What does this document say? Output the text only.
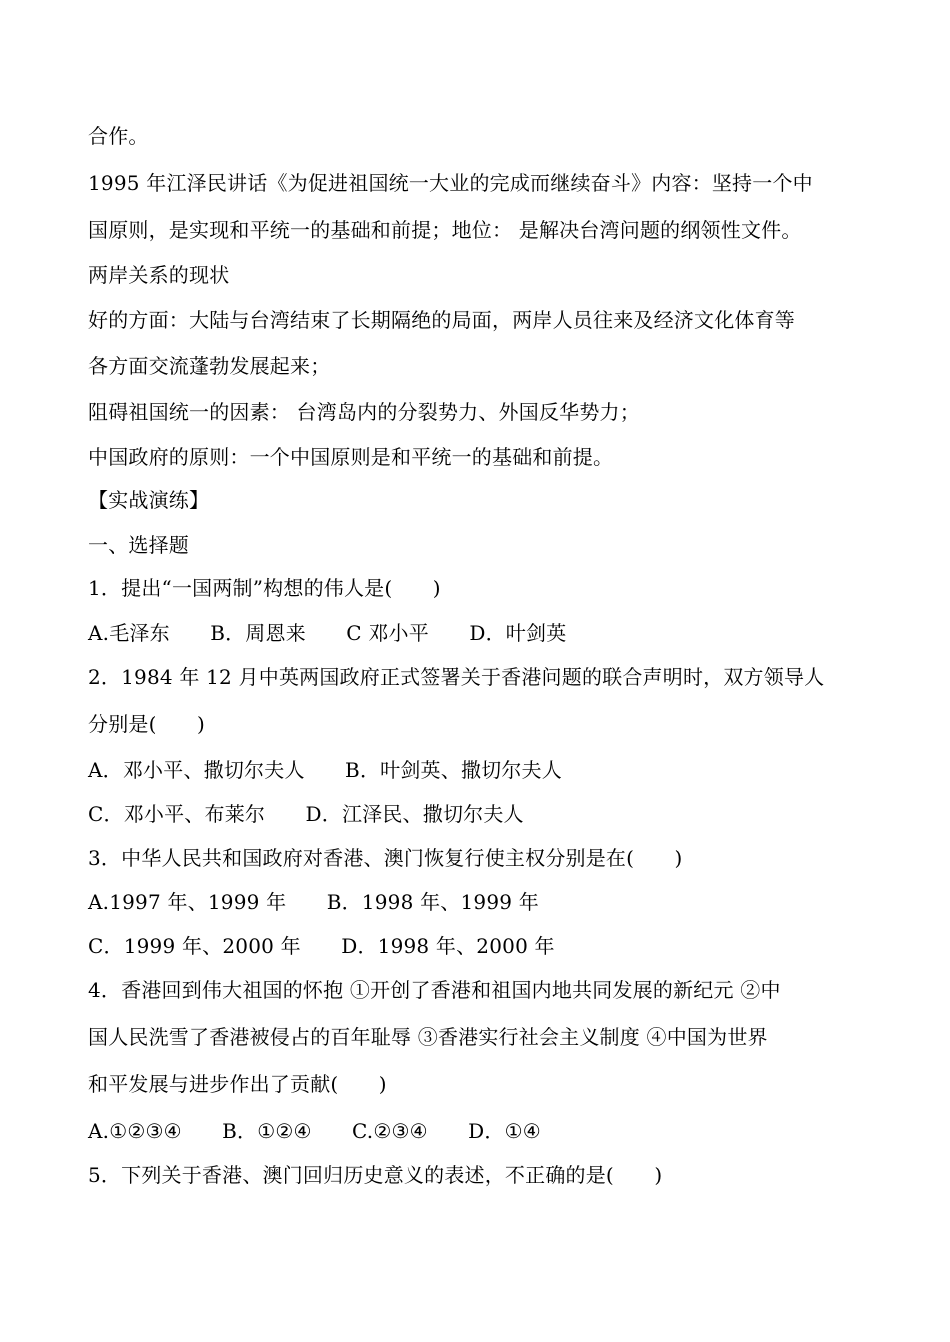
合作。
1995 年江泽民讲话《为促进祖国统一大业的完成而继续奋斗》内容：坚持一个中
国原则，是实现和平统一的基础和前提；地位： 是解决台湾问题的纲领性文件。
两岸关系的现状
好的方面：大陆与台湾结束了长期隔绝的局面，两岸人员往来及经济文化体育等
各方面交流蓬勃发展起来；
阻碍祖国统一的因素： 台湾岛内的分裂势力、外国反华势力；
中国政府的原则：一个中国原则是和平统一的基础和前提。
【实战演练】
一、选择题
1．提出“一国两制”构想的伟人是(　　)
A.毛泽东　　B．周恩来　　C 邓小平　　D．叶剑英
2．1984 年 12 月中英两国政府正式签署关于香港问题的联合声明时，双方领导人
分别是(　　)
A．邓小平、撒切尔夫人　　B．叶剑英、撒切尔夫人
C．邓小平、布莱尔　　D．江泽民、撒切尔夫人
3．中华人民共和国政府对香港、澳门恢复行使主权分别是在(　　)
A.1997 年、1999 年　　B．1998 年、1999 年
C．1999 年、2000 年　　D．1998 年、2000 年
4．香港回到伟大祖国的怀抱 ①开创了香港和祖国内地共同发展的新纪元 ②中
国人民洗雪了香港被侵占的百年耻辱 ③香港实行社会主义制度 ④中国为世界
和平发展与进步作出了贡献(　　)
A.①②③④　　B．①②④　　C.②③④　　D．①④
5．下列关于香港、澳门回归历史意义的表述，不正确的是(　　)
